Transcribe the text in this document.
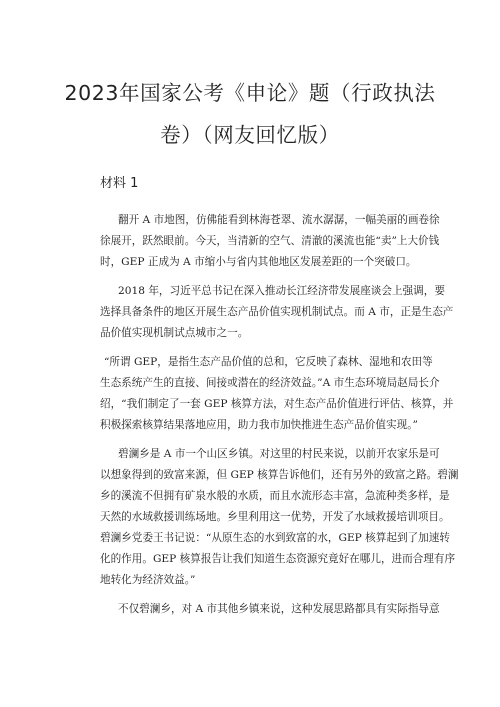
2023年国家公考《申论》题（行政执法
卷）（网友回忆版）
材料 1
翻开 A 市地图，仿佛能看到林海苍翠、流水潺潺，一幅美丽的画卷徐
徐展开，跃然眼前。今天，当清新的空气、清澈的溪流也能“卖”上大价钱
时，GEP 正成为 A 市缩小与省内其他地区发展差距的一个突破口。
2018 年，习近平总书记在深入推动长江经济带发展座谈会上强调，要
选择具备条件的地区开展生态产品价值实现机制试点。而 A 市，正是生态产
品价值实现机制试点城市之一。
“所谓 GEP，是指生态产品价值的总和，它反映了森林、湿地和农田等
生态系统产生的直接、间接或潜在的经济效益。”A 市生态环境局赵局长介
绍，“我们制定了一套 GEP 核算方法，对生态产品价值进行评估、核算，并
积极探索核算结果落地应用，助力我市加快推进生态产品价值实现。”
碧澜乡是 A 市一个山区乡镇。对这里的村民来说，以前开农家乐是可
以想象得到的致富来源，但 GEP 核算告诉他们，还有另外的致富之路。碧澜
乡的溪流不但拥有矿泉水般的水质，而且水流形态丰富，急流种类多样，是
天然的水域救援训练场地。乡里利用这一优势，开发了水域救援培训项目。
碧澜乡党委王书记说：“从原生态的水到致富的水，GEP 核算起到了加速转
化的作用。GEP 核算报告让我们知道生态资源究竟好在哪儿，进而合理有序
地转化为经济效益。”
不仅碧澜乡，对 A 市其他乡镇来说，这种发展思路都具有实际指导意
